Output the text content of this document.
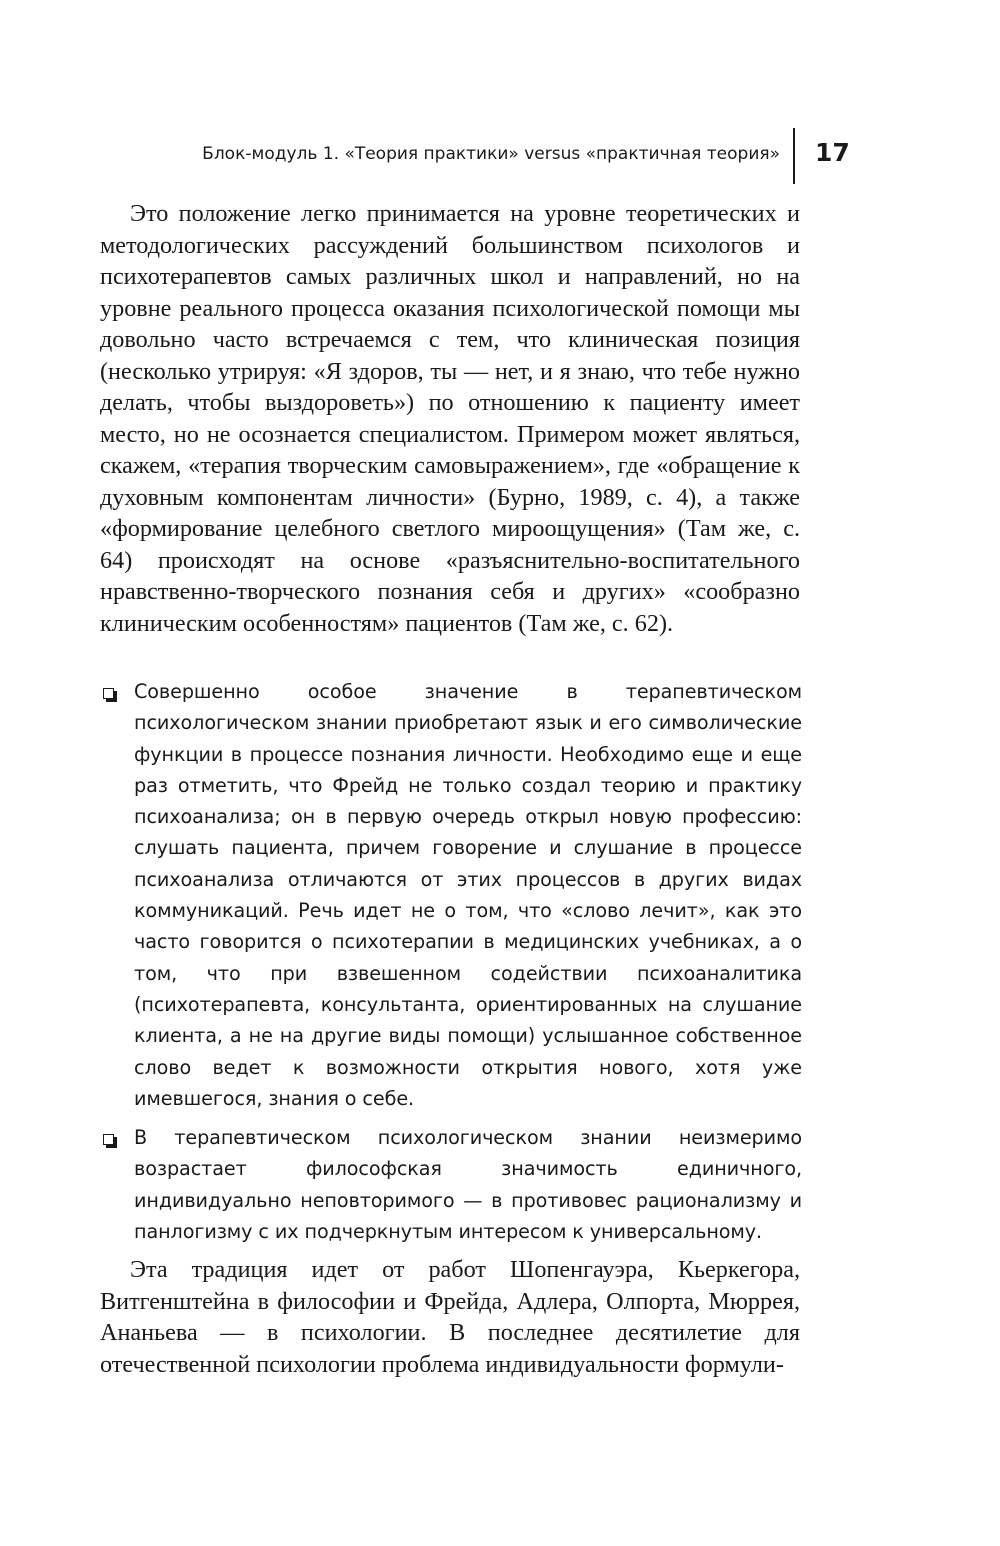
Блок-модуль 1. «Теория практики» versus «практичная теория» 17

Это положение легко принимается на уровне теоретических и методологических рассуждений большинством психологов и психотерапевтов самых различных школ и направлений, но на уровне реального процесса оказания психологической помощи мы довольно часто встречаемся с тем, что клиническая позиция (несколько утрируя: «Я здоров, ты — нет, и я знаю, что тебе нужно делать, чтобы выздороветь») по отношению к пациенту имеет место, но не осознается специалистом. Примером может являться, скажем, «терапия творческим самовыражением», где «обращение к духовным компонентам личности» (Бурно, 1989, с. 4), а также «формирование целебного светлого мироощущения» (Там же, с. 64) происходят на основе «разъяснительно-воспитательного нравственно-творческого познания себя и других» «сообразно клиническим особенностям» пациентов (Там же, с. 62).

Совершенно особое значение в терапевтическом психологическом знании приобретают язык и его символические функции в процессе познания личности. Необходимо еще и еще раз отметить, что Фрейд не только создал теорию и практику психоанализа; он в первую очередь открыл новую профессию: слушать пациента, причем говорение и слушание в процессе психоанализа отличаются от этих процессов в других видах коммуникаций. Речь идет не о том, что «слово лечит», как это часто говорится о психотерапии в медицинских учебниках, а о том, что при взвешенном содействии психоаналитика (психотерапевта, консультанта, ориентированных на слушание клиента, а не на другие виды помощи) услышанное собственное слово ведет к возможности открытия нового, хотя уже имевшегося, знания о себе.
В терапевтическом психологическом знании неизмеримо возрастает философская значимость единичного, индивидуально неповторимого — в противовес рационализму и панлогизму с их подчеркнутым интересом к универсальному.

Эта традиция идет от работ Шопенгауэра, Кьеркегора, Витгенштейна в философии и Фрейда, Адлера, Олпорта, Мюррея, Ананьева — в психологии. В последнее десятилетие для отечественной психологии проблема индивидуальности формули-
